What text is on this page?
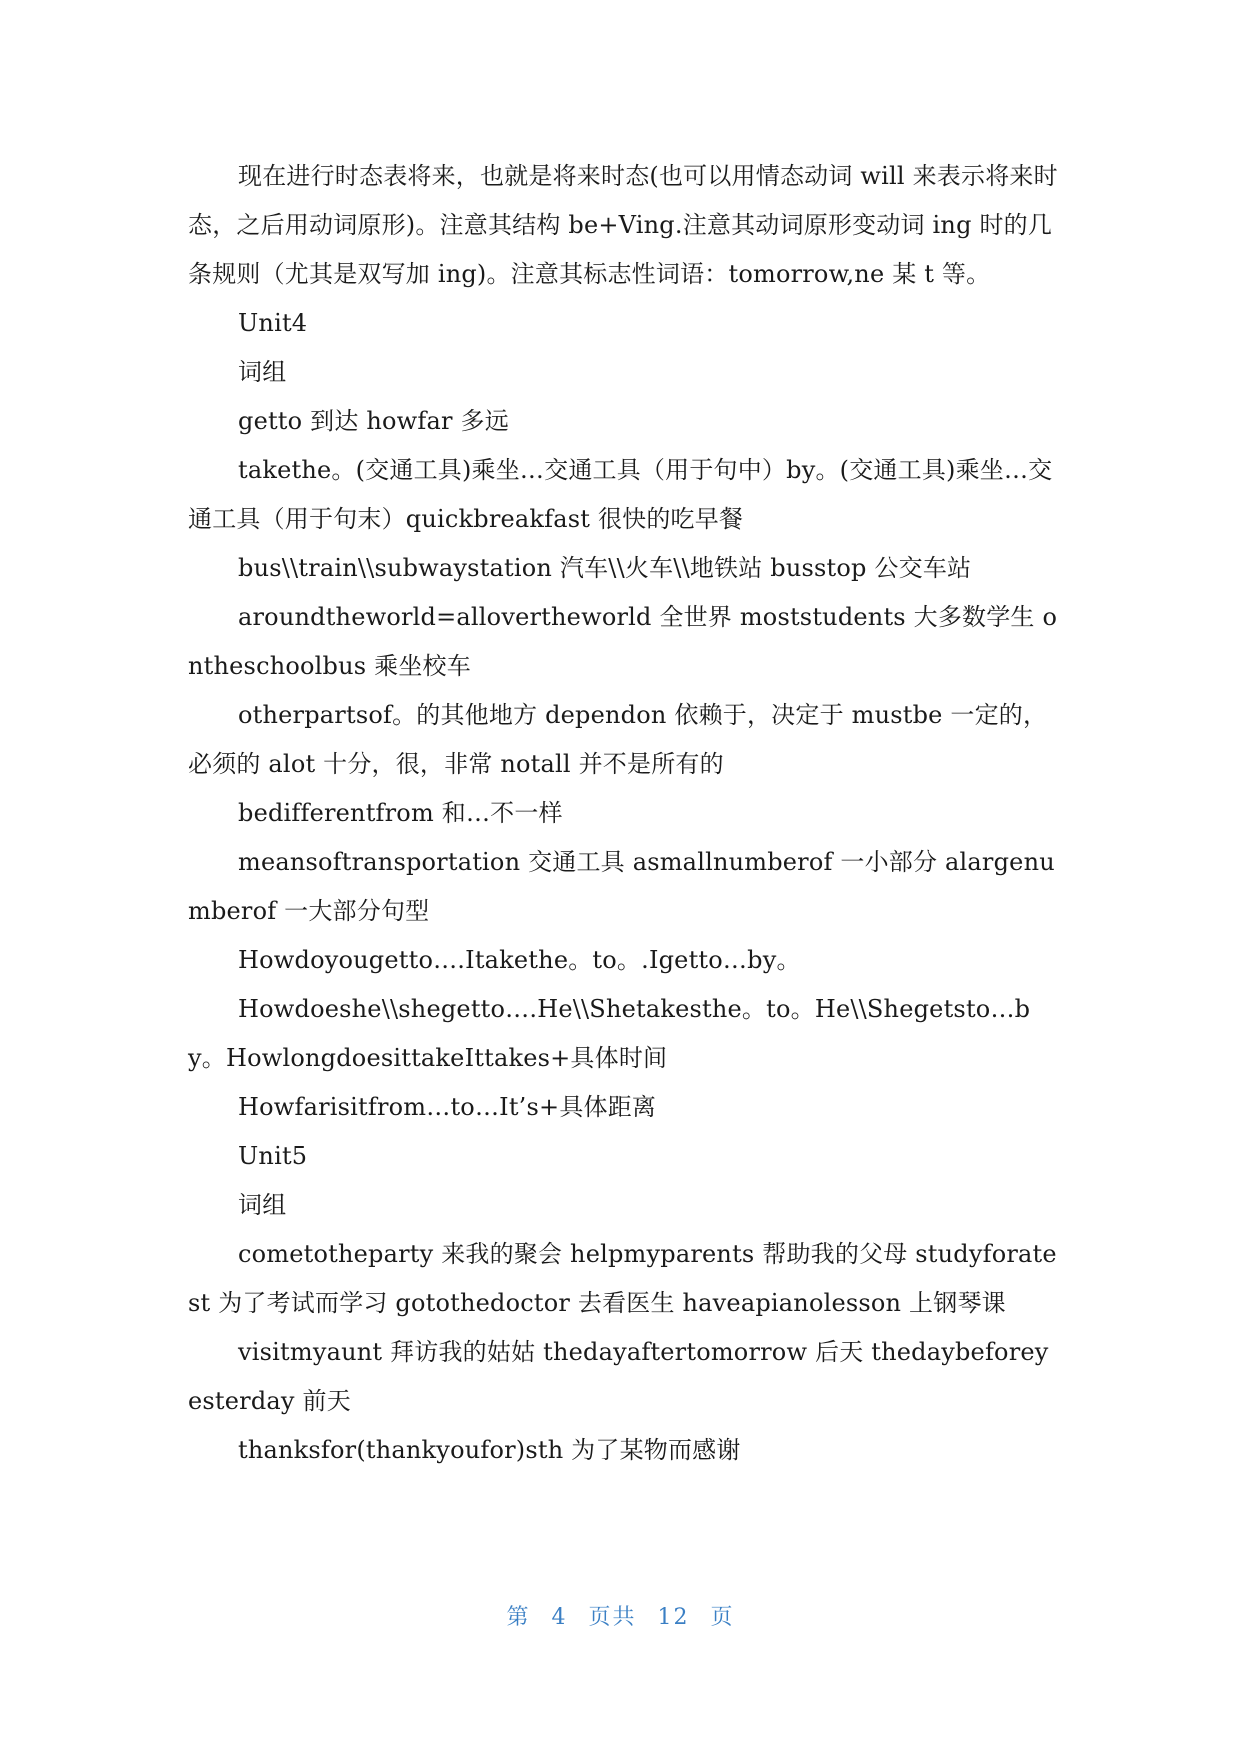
现在进行时态表将来，也就是将来时态(也可以用情态动词 will 来表示将来时态，之后用动词原形)。注意其结构 be+Ving.注意其动词原形变动词 ing 时的几条规则（尤其是双写加 ing)。注意其标志性词语：tomorrow,ne 某 t 等。

Unit4

词组

getto 到达 howfar 多远

takethe。(交通工具)乘坐…交通工具（用于句中）by。(交通工具)乘坐…交通工具（用于句末）quickbreakfast 很快的吃早餐

bus\\train\\subwaystation 汽车\\火车\\地铁站 busstop 公交车站

aroundtheworld=allovertheworld 全世界 moststudents 大多数学生 ontheschoolbus 乘坐校车

otherpartsof。的其他地方 dependon 依赖于，决定于 mustbe 一定的，必须的 alot 十分，很，非常 notall 并不是所有的

bedifferentfrom 和…不一样

meansoftransportation 交通工具 asmallnumberof 一小部分 alargenumberof 一大部分句型

Howdoyougetto….Itakethe。to。.Igetto…by。

Howdoeshe\\shegetto….He\\Shetakesthe。to。He\\Shegetsto…by。HowlongdoesittakeIttakes+具体时间

Howfarisitfrom…to…It’s+具体距离

Unit5

词组

cometotheparty 来我的聚会 helpmyparents 帮助我的父母 studyforatest 为了考试而学习 gotothedoctor 去看医生 haveapianolesson 上钢琴课

visitmyaunt 拜访我的姑姑 thedayaftertomorrow 后天 thedaybeforeyesterday 前天

thanksfor(thankyoufor)sth 为了某物而感谢

第 4 页共 12 页
